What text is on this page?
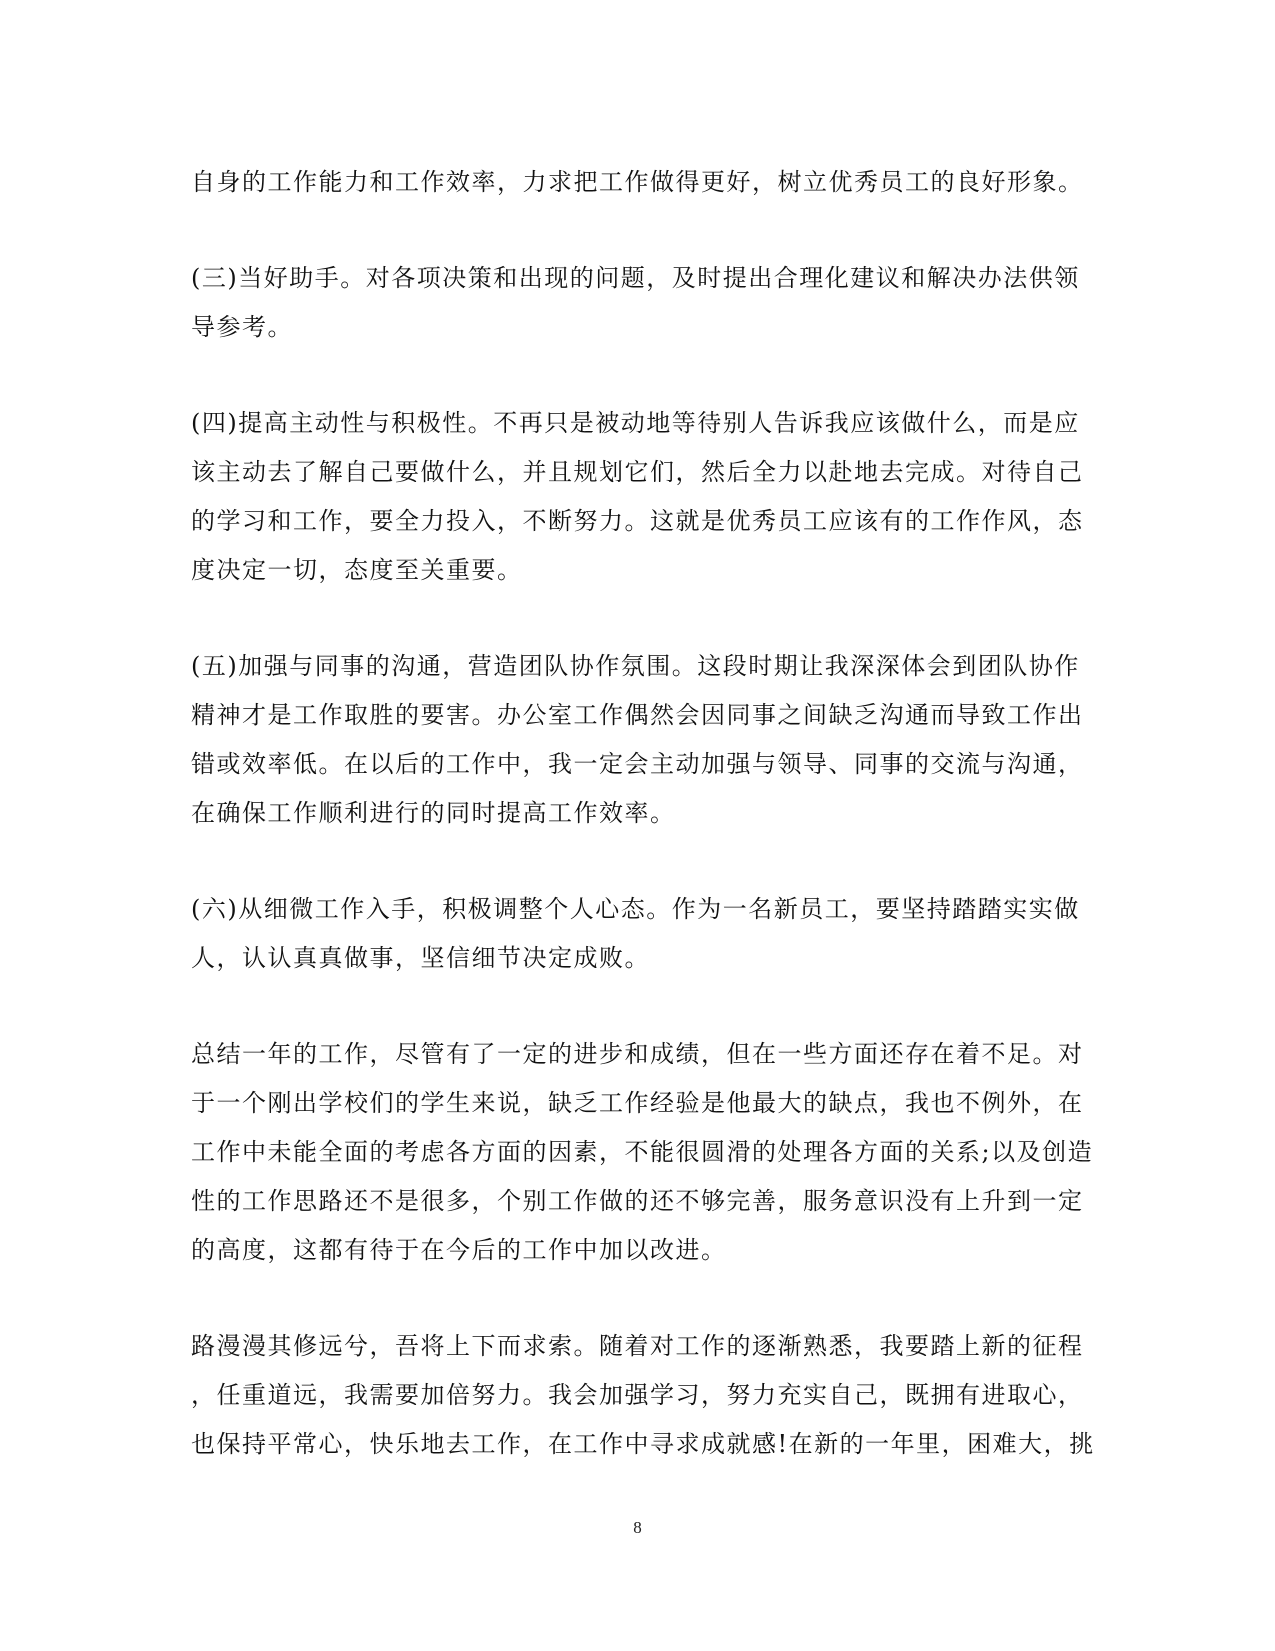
自身的工作能力和工作效率，力求把工作做得更好，树立优秀员工的良好形象。

(三)当好助手。对各项决策和出现的问题，及时提出合理化建议和解决办法供领
导参考。

(四)提高主动性与积极性。不再只是被动地等待别人告诉我应该做什么，而是应
该主动去了解自己要做什么，并且规划它们，然后全力以赴地去完成。对待自己
的学习和工作，要全力投入，不断努力。这就是优秀员工应该有的工作作风，态
度决定一切，态度至关重要。

(五)加强与同事的沟通，营造团队协作氛围。这段时期让我深深体会到团队协作
精神才是工作取胜的要害。办公室工作偶然会因同事之间缺乏沟通而导致工作出
错或效率低。在以后的工作中，我一定会主动加强与领导、同事的交流与沟通，
在确保工作顺利进行的同时提高工作效率。

(六)从细微工作入手，积极调整个人心态。作为一名新员工，要坚持踏踏实实做
人，认认真真做事，坚信细节决定成败。

总结一年的工作，尽管有了一定的进步和成绩，但在一些方面还存在着不足。对
于一个刚出学校们的学生来说，缺乏工作经验是他最大的缺点，我也不例外，在
工作中未能全面的考虑各方面的因素，不能很圆滑的处理各方面的关系;以及创造
性的工作思路还不是很多，个别工作做的还不够完善，服务意识没有上升到一定
的高度，这都有待于在今后的工作中加以改进。

路漫漫其修远兮，吾将上下而求索。随着对工作的逐渐熟悉，我要踏上新的征程
，任重道远，我需要加倍努力。我会加强学习，努力充实自己，既拥有进取心，
也保持平常心，快乐地去工作，在工作中寻求成就感!在新的一年里，困难大，挑

8
